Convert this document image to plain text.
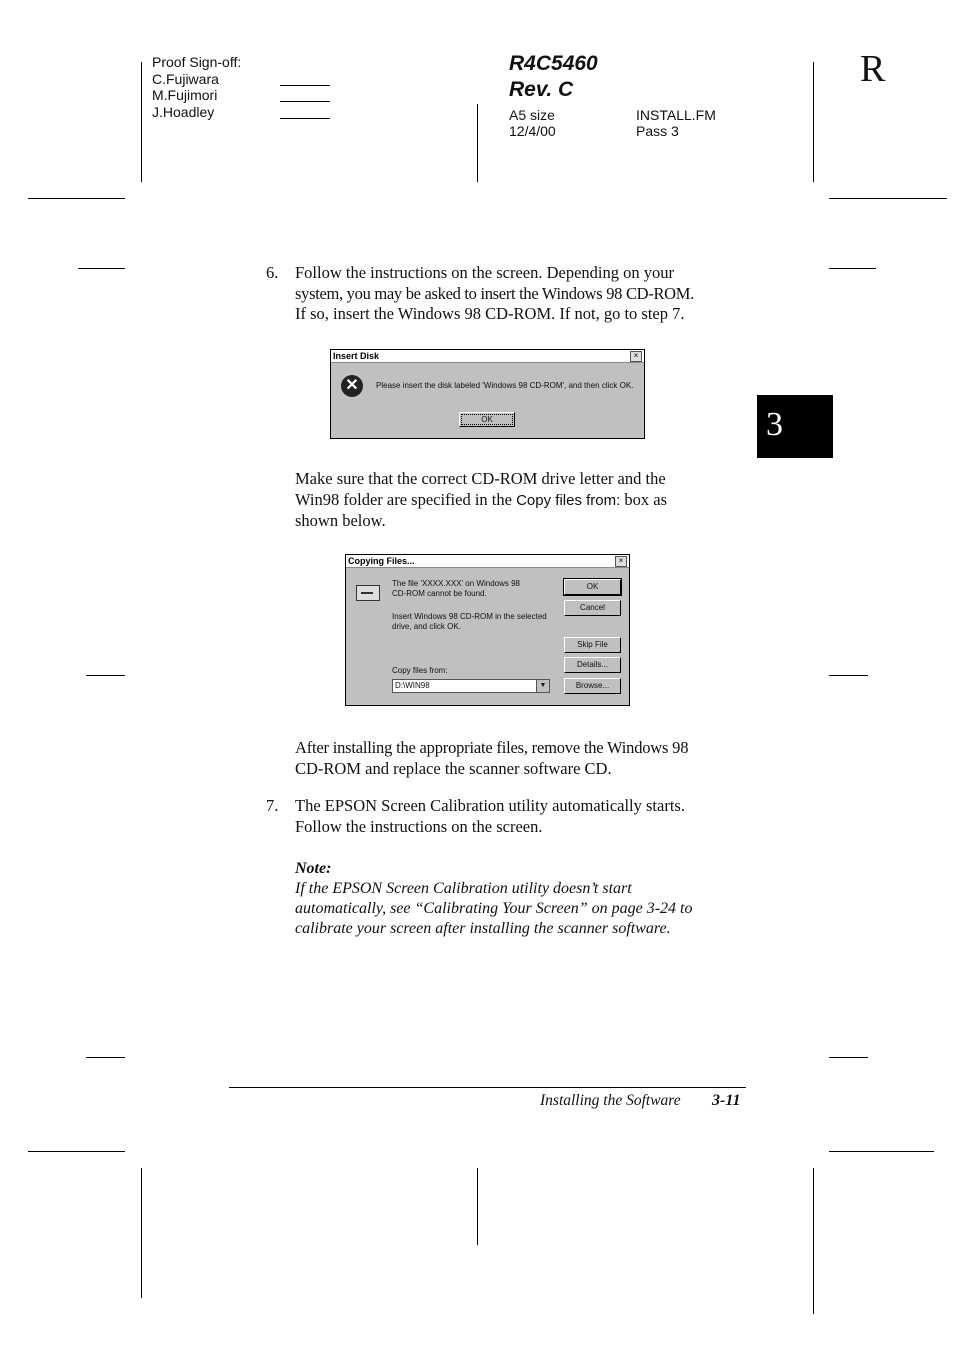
Proof Sign-off:
C.Fujiwara
M.Fujimori
J.Hoadley
R4C5460
Rev. C
A5 size
12/4/00
INSTALL.FM
Pass 3
R
3
6. Follow the instructions on the screen. Depending on your
system, you may be asked to insert the Windows 98 CD-ROM.
If so, insert the Windows 98 CD-ROM. If not, go to step 7.
Insert Disk	×
✕	Please insert the disk labeled 'Windows 98 CD-ROM', and then click OK.
OK
Make sure that the correct CD-ROM drive letter and the
Win98 folder are specified in the Copy files from: box as
shown below.
Copying Files...	×
The file 'XXXX.XXX' on Windows 98
CD-ROM cannot be found.
Insert Windows 98 CD-ROM in the selected
drive, and click OK.
Copy files from:
D:\WIN98	▼
OK
Cancel
Skip File
Details...
Browse...
After installing the appropriate files, remove the Windows 98
CD-ROM and replace the scanner software CD.
7. The EPSON Screen Calibration utility automatically starts.
Follow the instructions on the screen.
Note:
If the EPSON Screen Calibration utility doesn’t start
automatically, see “Calibrating Your Screen” on page 3-24 to
calibrate your screen after installing the scanner software.
Installing the Software 3-11
